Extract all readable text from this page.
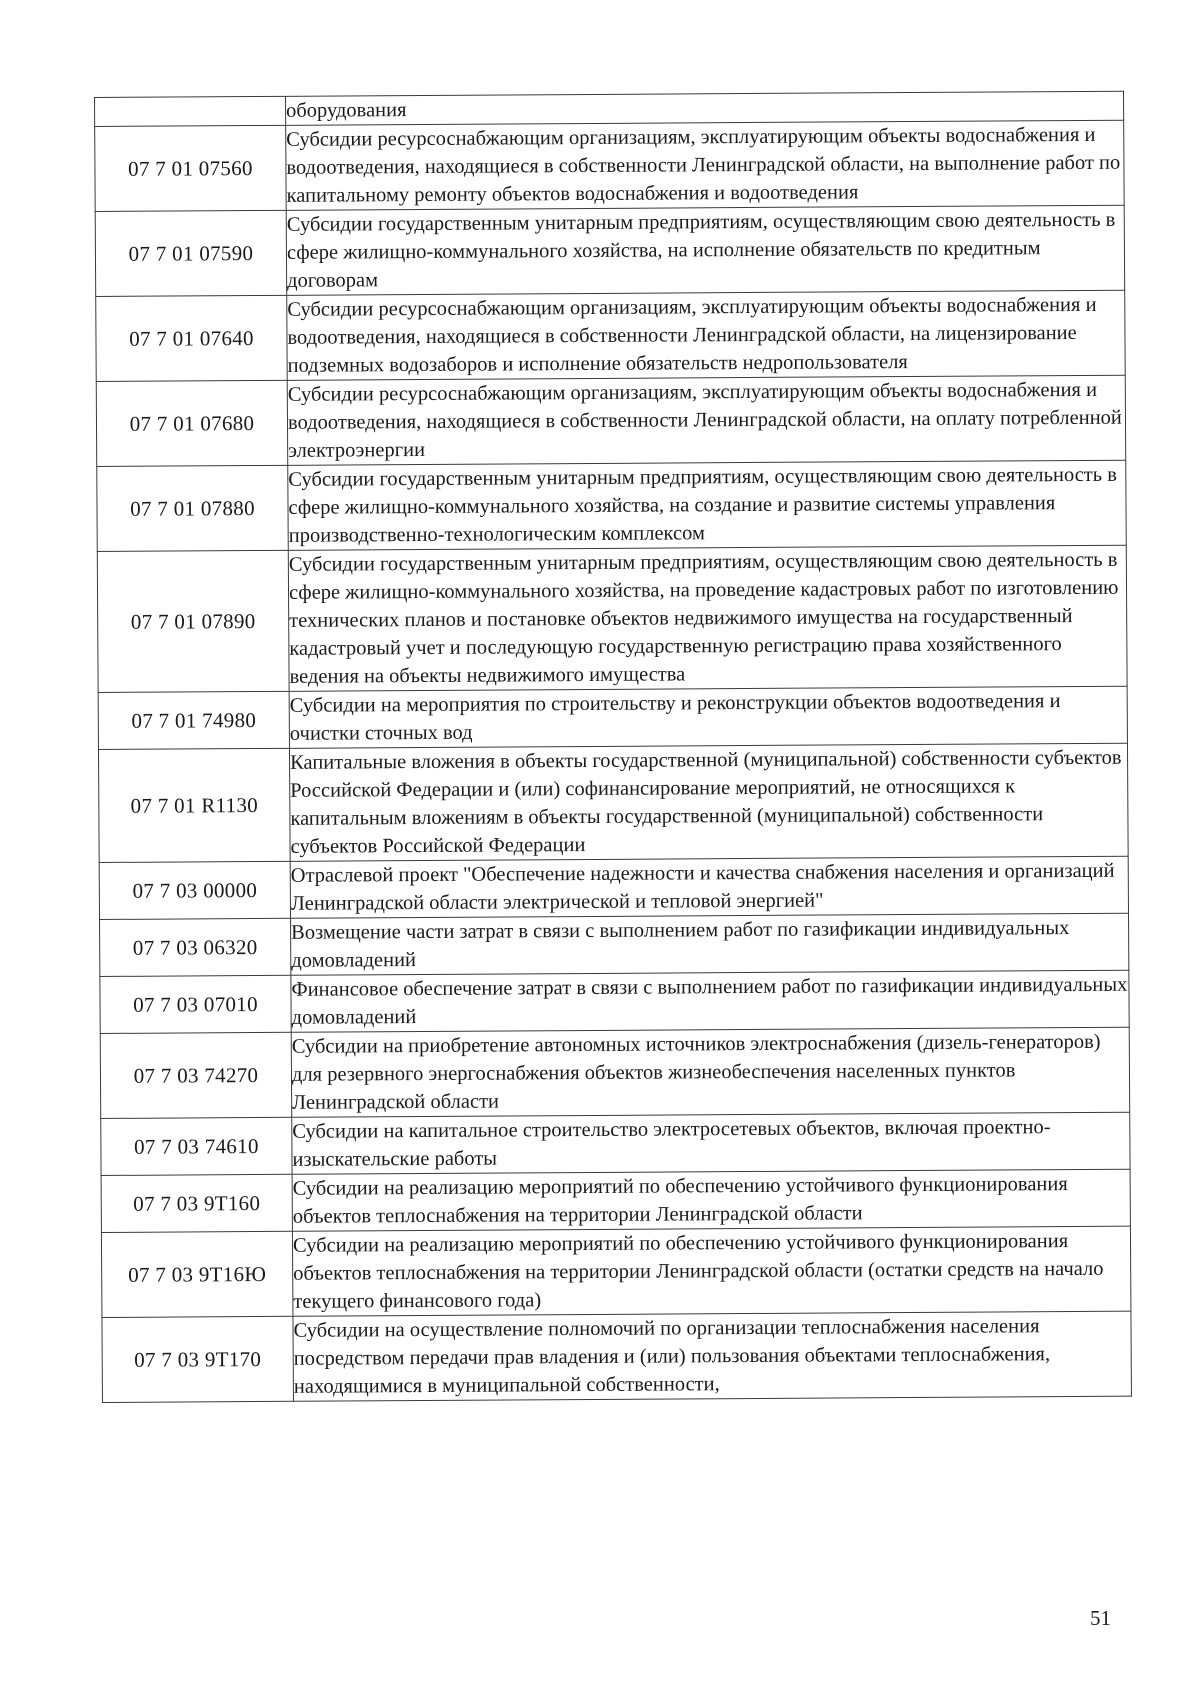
	оборудования
07 7 01 07560	Субсидии ресурсоснабжающим организациям, эксплуатирующим объекты водоснабжения и водоотведения, находящиеся в собственности Ленинградской области, на выполнение работ по капитальному ремонту объектов водоснабжения и водоотведения
07 7 01 07590	Субсидии государственным унитарным предприятиям, осуществляющим свою деятельность в сфере жилищно-коммунального хозяйства, на исполнение обязательств по кредитным договорам
07 7 01 07640	Субсидии ресурсоснабжающим организациям, эксплуатирующим объекты водоснабжения и водоотведения, находящиеся в собственности Ленинградской области, на лицензирование подземных водозаборов и исполнение обязательств недропользователя
07 7 01 07680	Субсидии ресурсоснабжающим организациям, эксплуатирующим объекты водоснабжения и водоотведения, находящиеся в собственности Ленинградской области, на оплату потребленной электроэнергии
07 7 01 07880	Субсидии государственным унитарным предприятиям, осуществляющим свою деятельность в сфере жилищно-коммунального хозяйства, на создание и развитие системы управления производственно-технологическим комплексом
07 7 01 07890	Субсидии государственным унитарным предприятиям, осуществляющим свою деятельность в сфере жилищно-коммунального хозяйства, на проведение кадастровых работ по изготовлению технических планов и постановке объектов недвижимого имущества на государственный кадастровый учет и последующую государственную регистрацию права хозяйственного ведения на объекты недвижимого имущества
07 7 01 74980	Субсидии на мероприятия по строительству и реконструкции объектов водоотведения и очистки сточных вод
07 7 01 R1130	Капитальные вложения в объекты государственной (муниципальной) собственности субъектов Российской Федерации и (или) софинансирование мероприятий, не относящихся к капитальным вложениям в объекты государственной (муниципальной) собственности субъектов Российской Федерации
07 7 03 00000	Отраслевой проект "Обеспечение надежности и качества снабжения населения и организаций Ленинградской области электрической и тепловой энергией"
07 7 03 06320	Возмещение части затрат в связи с выполнением работ по газификации индивидуальных домовладений
07 7 03 07010	Финансовое обеспечение затрат в связи с выполнением работ по газификации индивидуальных домовладений
07 7 03 74270	Субсидии на приобретение автономных источников электроснабжения (дизель-генераторов) для резервного энергоснабжения объектов жизнеобеспечения населенных пунктов Ленинградской области
07 7 03 74610	Субсидии на капитальное строительство электросетевых объектов, включая проектно-изыскательские работы
07 7 03 9T160	Субсидии на реализацию мероприятий по обеспечению устойчивого функционирования объектов теплоснабжения на территории Ленинградской области
07 7 03 9T16Ю	Субсидии на реализацию мероприятий по обеспечению устойчивого функционирования объектов теплоснабжения на территории Ленинградской области (остатки средств на начало текущего финансового года)
07 7 03 9T170	Субсидии на осуществление полномочий по организации теплоснабжения населения посредством передачи прав владения и (или) пользования объектами теплоснабжения, находящимися в муниципальной собственности,
51
